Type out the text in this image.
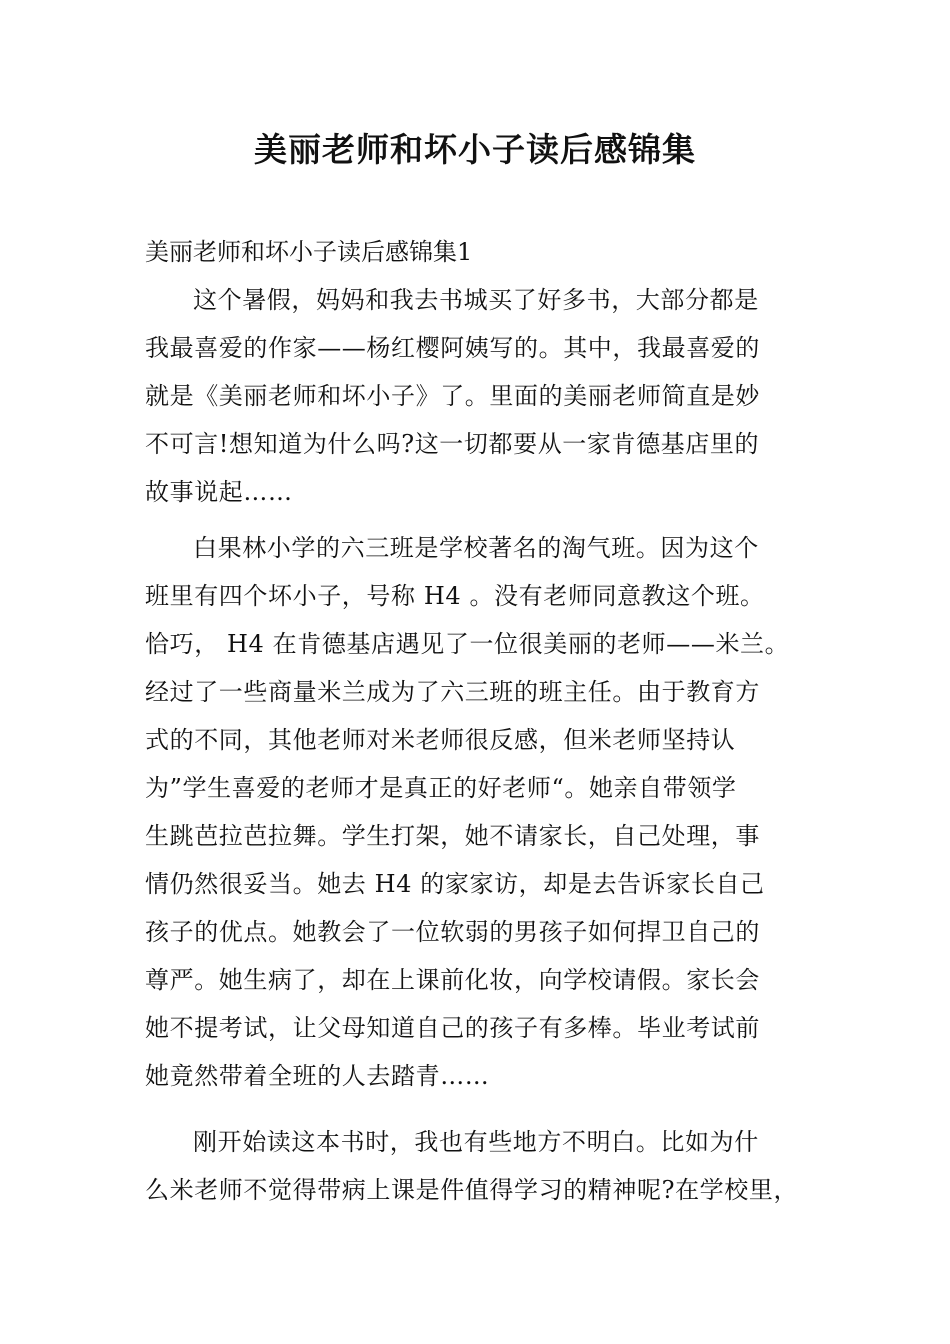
美丽老师和坏小子读后感锦集

美丽老师和坏小子读后感锦集1

这个暑假，妈妈和我去书城买了好多书，大部分都是
我最喜爱的作家——杨红樱阿姨写的。其中，我最喜爱的
就是《美丽老师和坏小子》了。里面的美丽老师简直是妙
不可言!想知道为什么吗?这一切都要从一家肯德基店里的
故事说起……
白果林小学的六三班是学校著名的淘气班。因为这个
班里有四个坏小子，号称 H4 。没有老师同意教这个班。
恰巧， H4 在肯德基店遇见了一位很美丽的老师——米兰。
经过了一些商量米兰成为了六三班的班主任。由于教育方
式的不同，其他老师对米老师很反感，但米老师坚持认
为”学生喜爱的老师才是真正的好老师“。她亲自带领学
生跳芭拉芭拉舞。学生打架，她不请家长，自己处理，事
情仍然很妥当。她去 H4 的家家访，却是去告诉家长自己
孩子的优点。她教会了一位软弱的男孩子如何捍卫自己的
尊严。她生病了，却在上课前化妆，向学校请假。家长会
她不提考试，让父母知道自己的孩子有多棒。毕业考试前
她竟然带着全班的人去踏青……
刚开始读这本书时，我也有些地方不明白。比如为什
么米老师不觉得带病上课是件值得学习的精神呢?在学校里，
